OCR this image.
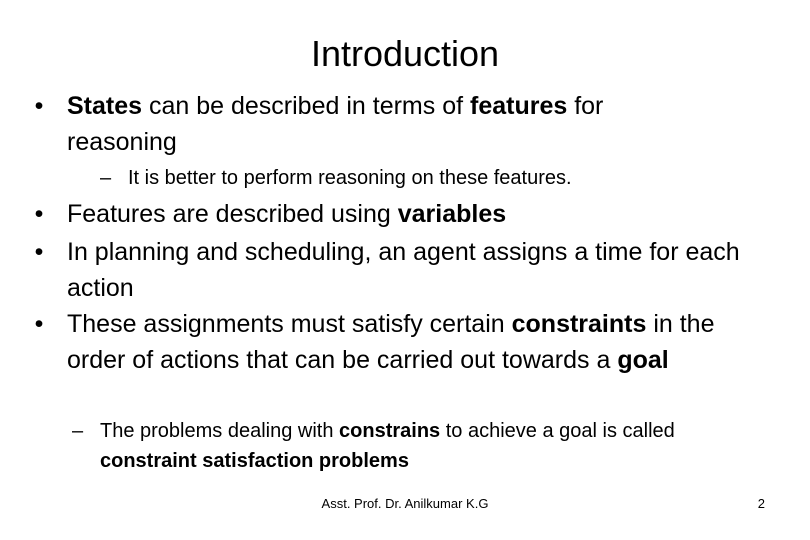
Introduction
• States can be described in terms of features for reasoning
– It is better to perform reasoning on these features.
• Features are described using variables
• In planning and scheduling, an agent assigns a time for each action
• These assignments must satisfy certain constraints in the order of actions that can be carried out towards a goal
– The problems dealing with constrains to achieve a goal is called constraint satisfaction problems
Asst. Prof. Dr. Anilkumar K.G	2
